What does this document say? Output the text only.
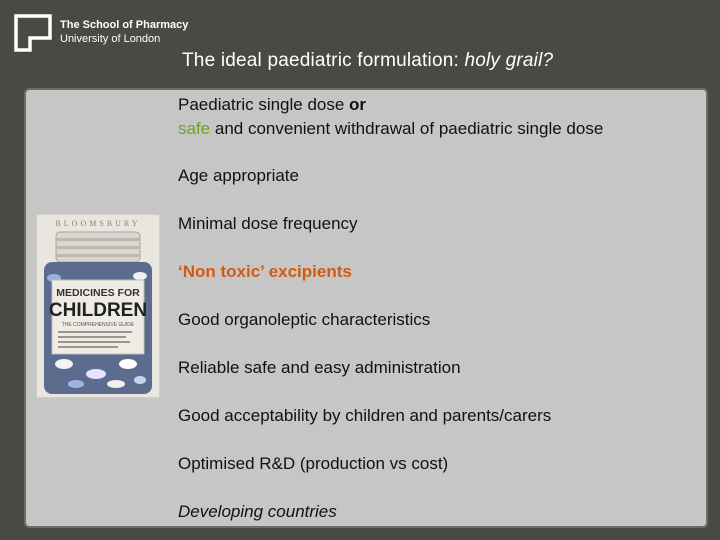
The School of Pharmacy
University of London
The ideal paediatric formulation: holy grail?
BLOOMSBURY
MEDICINES FOR
CHILDREN
THE COMPREHENSIVE GUIDE
Paediatric single dose or
safe and convenient withdrawal of paediatric single dose
Age appropriate
Minimal dose frequency
‘Non toxic’ excipients
Good organoleptic characteristics
Reliable safe and easy administration
Good acceptability by children and parents/carers
Optimised R&D (production vs cost)
Developing countries
